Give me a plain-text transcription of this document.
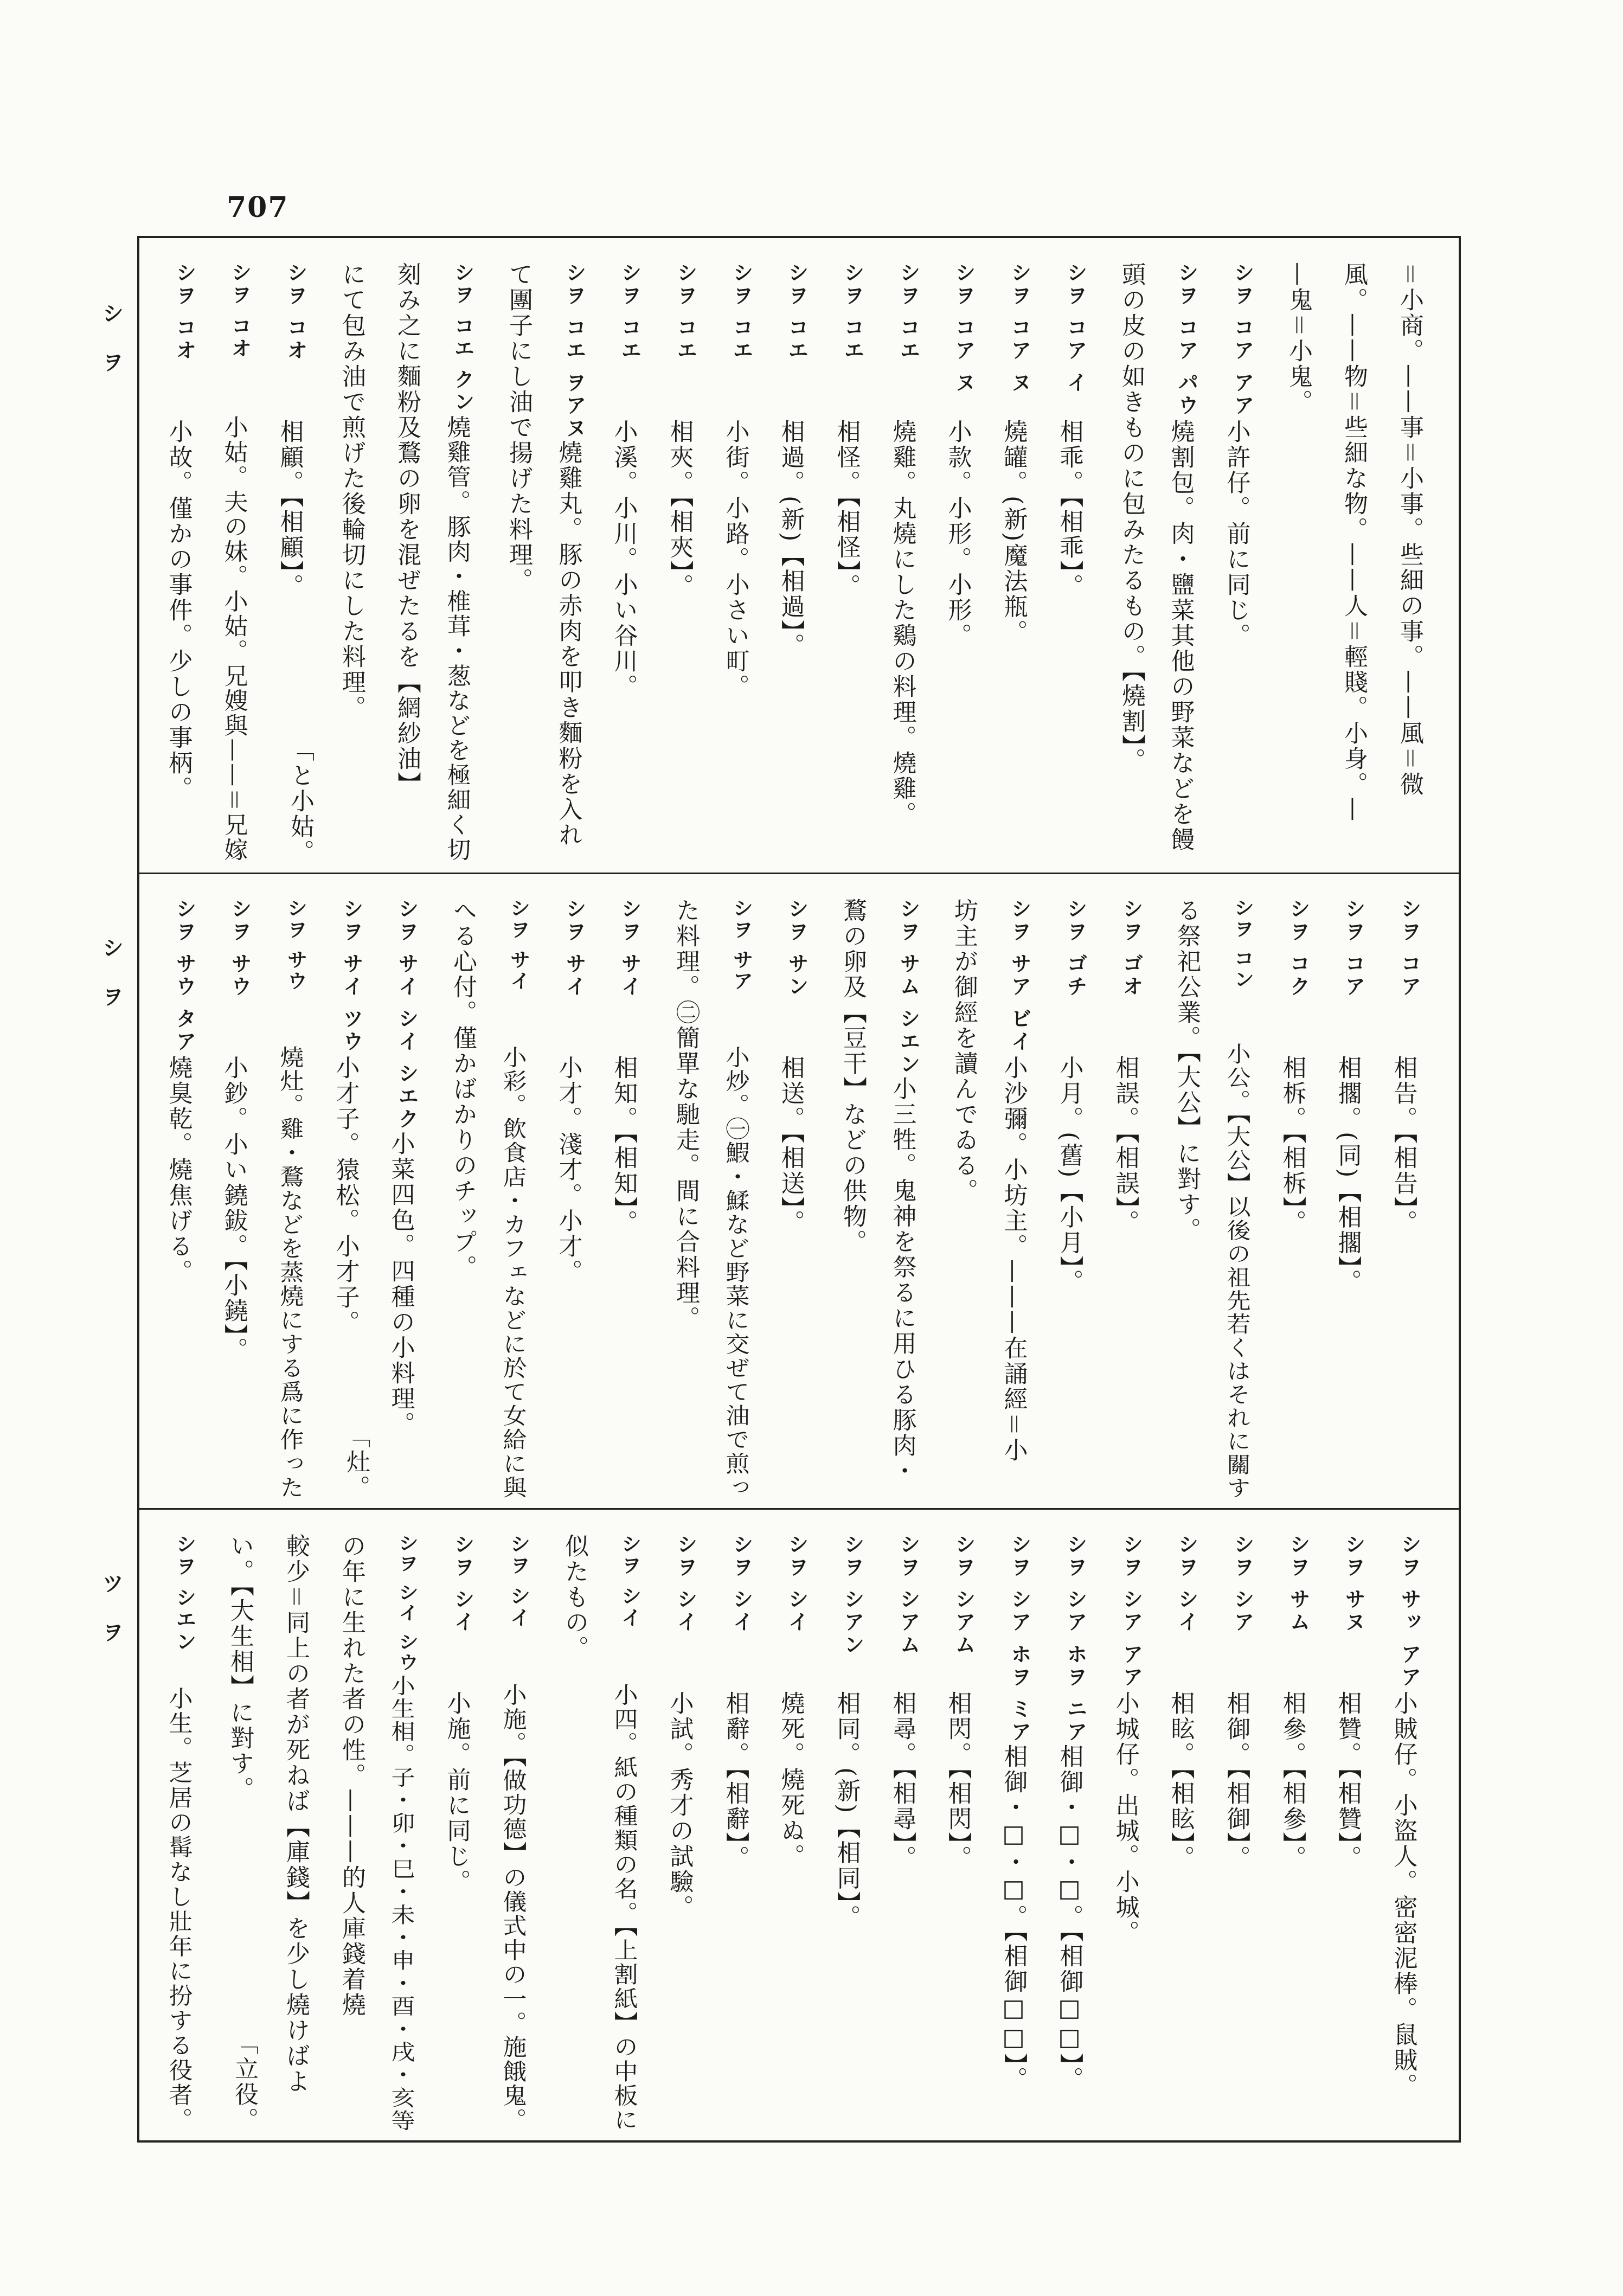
707
＝小商。——事＝小事。些細の事。——風＝微
風。——物＝些細な物。——人＝輕賤。小身。—
—鬼＝小鬼。
シヲ コア アア小許仔。前に同じ。
シヲ コア パウ燒割包。肉・鹽菜其他の野菜などを饅
頭の皮の如きものに包みたるもの。【燒割】。
シヲ コア イ相乖。【相乖】。
シヲ コア ヌ燒罐。(新)魔法瓶。
シヲ コア ヌ小款。小形。小形。
シヲ コエ燒雞。丸燒にした鷄の料理。燒雞。
シヲ コエ相怪。【相怪】。
シヲ コエ相過。(新)【相過】。
シヲ コエ小街。小路。小さい町。
シヲ コエ相夾。【相夾】。
シヲ コエ小溪。小川。小い谷川。
シヲ コエ ヲアヌ燒雞丸。豚の赤肉を叩き麵粉を入れ
て團子にし油で揚げた料理。
シヲ コエ クン燒雞管。豚肉・椎茸・葱などを極細く切
刻み之に麵粉及鶩の卵を混ぜたるを【網紗油】
にて包み油で煎げた後輪切にした料理。
シヲ コオ相顧。【相顧】。
「と小姑。
シヲ コオ小姑。夫の妹。小姑。兄嫂與——＝兄嫁
シヲ コオ小故。僅かの事件。少しの事柄。
シヲ コア相告。【相告】。
シヲ コア相擱。(同)【相擱】。
シヲ コク相柝。【相柝】。
シヲ コン小公。【大公】以後の祖先若くはそれに關す
る祭祀公業。【大公】に對す。
シヲ ゴオ相誤。【相誤】。
シヲ ゴチ小月。(舊)【小月】。
シヲ サア ビイ小沙彌。小坊主。———在誦經＝小
坊主が御經を讀んでゐる。
シヲ サム シエン小三牲。鬼神を祭るに用ひる豚肉・
鶩の卵及【豆干】などの供物。
シヲ サン相送。【相送】。
シヲ サア小炒。㊀鰕・鰇など野菜に交ぜて油で煎っ
た料理。㊁簡單な馳走。間に合料理。
シヲ サイ相知。【相知】。
シヲ サイ小才。淺才。小才。
シヲ サイ小彩。飲食店・カフェなどに於て女給に與
へる心付。僅かばかりのチップ。
シヲ サイ シイ シエク小菜四色。四種の小料理。
シヲ サイ ツウ小才子。猿松。小才子。
「灶。
シヲ サウ燒灶。雞・鶩などを蒸燒にする爲に作った
シヲ サウ小鈔。小い鐃鈸。【小鐃】。
シヲ サウ タア燒臭乾。燒焦げる。
シヲ サッ アア小賊仔。小盜人。密密泥棒。鼠賊。
シヲ サヌ相贊。【相贊】。
シヲ サム相參。【相參】。
シヲ シア相御。【相御】。
シヲ シイ相眩。【相眩】。
シヲ シア アア小城仔。出城。小城。
シヲ シア ホヲ ニア相御・□・□。【相御□□】。
シヲ シア ホヲ ミア相御・□・□。【相御□□】。
シヲ シアム相閃。【相閃】。
シヲ シアム相尋。【相尋】。
シヲ シアン相同。(新)【相同】。
シヲ シイ燒死。燒死ぬ。
シヲ シイ相辭。【相辭】。
シヲ シイ小試。秀才の試驗。
シヲ シイ小四。紙の種類の名。【上割紙】の中板に
似たもの。
シヲ シイ小施。【做功德】の儀式中の一。施餓鬼。
シヲ シイ小施。前に同じ。
シヲ シイ シウ小生相。子・卯・巳・未・申・酉・戌・亥等
の年に生れた者の性。———的人庫錢着燒
較少＝同上の者が死ねば【庫錢】を少し燒けばよ
い。【大生相】に對す。
「立役。
シヲ シエン小生。芝居の髯なし壯年に扮する役者。
シヲ
シヲ
ツヲ
